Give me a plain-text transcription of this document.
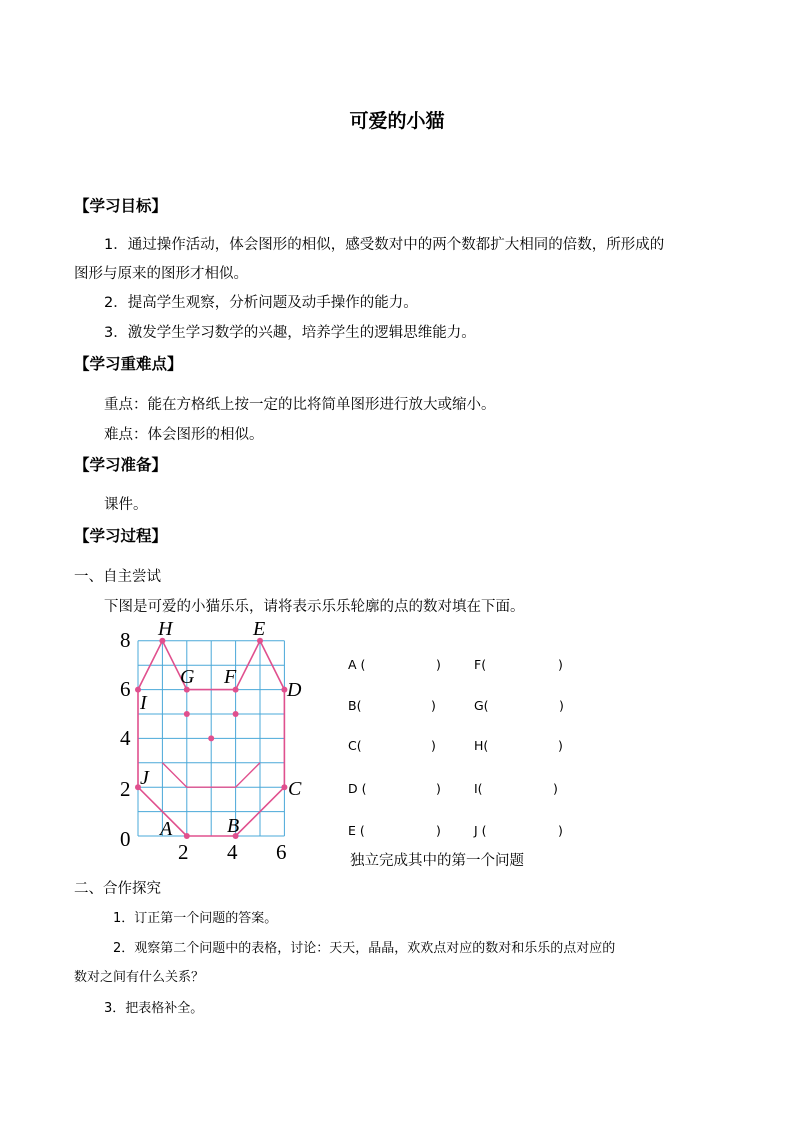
可爱的小猫
【学习目标】
1．通过操作活动，体会图形的相似，感受数对中的两个数都扩大相同的倍数，所形成的
图形与原来的图形才相似。
2．提高学生观察，分析问题及动手操作的能力。
3．激发学生学习数学的兴趣，培养学生的逻辑思维能力。
【学习重难点】
重点：能在方格纸上按一定的比将简单图形进行放大或缩小。
难点：体会图形的相似。
【学习准备】
课件。
【学习过程】
一、自主尝试
下图是可爱的小猫乐乐，请将表示乐乐轮廓的点的数对填在下面。
8
6
4
2
0
2 4 6
H	E
G F
D
I
J	C
A	B
A (	)	F(	)
B(	)	G(	)
C(	)	H(	)
D (	)	I(	)
E (	)	J (	)
独立完成其中的第一个问题
二、合作探究
1．订正第一个问题的答案。
2．观察第二个问题中的表格，讨论：天天，晶晶，欢欢点对应的数对和乐乐的点对应的
数对之间有什么关系？
3．把表格补全。
